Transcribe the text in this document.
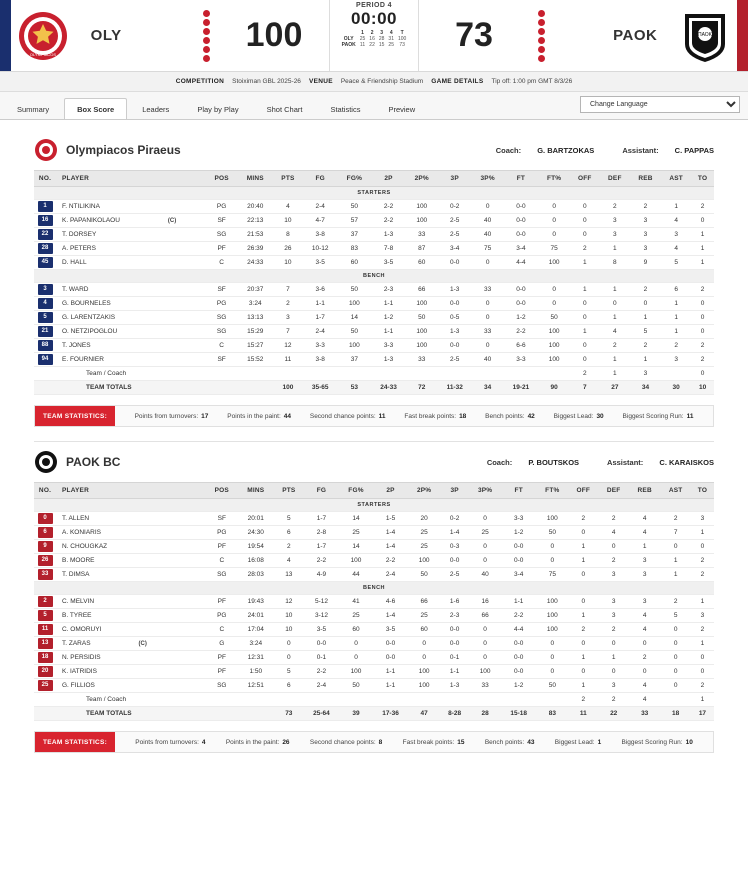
OLYMPIACOS
OLY	100
PERIOD 4
00:00
	1	2	3	4	T
OLY	25	16	28	31	100
PAOK	11	22	15	25	73	73	PAOK	ΠΑΟΚ
COMPETITION Stoiximan GBL 2025-26 VENUE Peace & Friendship Stadium GAME DETAILS Tip off: 1:00 pm GMT 8/3/26
Summary	Box Score	Leaders	Play by Play	Shot Chart	Statistics	Preview
Change Language
Olympiacos Piraeus	Coach: G. BARTZOKAS	Assistant: C. PAPPAS
NO.	PLAYER	POS	MINS	PTS	FG	FG%	2P	2P%	3P	3P%	FT	FT%	OFF	DEF	REB	AST	TO
STARTERS																	
1	F. NTILIKINA	PG	20:40	4	2-4	50	2-2	100	0-2	0	0-0	0	0	2	2	1	2
16	K. PAPANIKOLAOU (C)	SF	22:13	10	4-7	57	2-2	100	2-5	40	0-0	0	0	3	3	4	0
22	T. DORSEY	SG	21:53	8	3-8	37	1-3	33	2-5	40	0-0	0	0	3	3	3	1
28	A. PETERS	PF	26:39	26	10-12	83	7-8	87	3-4	75	3-4	75	2	1	3	4	1
45	D. HALL	C	24:33	10	3-5	60	3-5	60	0-0	0	4-4	100	1	8	9	5	1
BENCH																	
3	T. WARD	SF	20:37	7	3-6	50	2-3	66	1-3	33	0-0	0	1	1	2	6	2
4	G. BOURNELES	PG	3:24	2	1-1	100	1-1	100	0-0	0	0-0	0	0	0	0	1	0
5	G. LARENTZAKIS	SG	13:13	3	1-7	14	1-2	50	0-5	0	1-2	50	0	1	1	1	0
21	O. NETZIPOGLOU	SG	15:29	7	2-4	50	1-1	100	1-3	33	2-2	100	1	4	5	1	0
88	T. JONES	C	15:27	12	3-3	100	3-3	100	0-0	0	6-6	100	0	2	2	2	2
94	E. FOURNIER	SF	15:52	11	3-8	37	1-3	33	2-5	40	3-3	100	0	1	1	3	2
	Team / Coach												2	1	3		0
	TEAM TOTALS			100	35-65	53	24-33	72	11-32	34	19-21	90	7	27	34	30	10
TEAM STATISTICS:	Points from turnovers: 17	Points in the paint: 44	Second chance points: 11	Fast break points: 18	Bench points: 42	Biggest Lead: 30	Biggest Scoring Run: 11
PAOK BC	Coach: P. BOUTSKOS	Assistant: C. KARAISKOS
NO.	PLAYER	POS	MINS	PTS	FG	FG%	2P	2P%	3P	3P%	FT	FT%	OFF	DEF	REB	AST	TO
STARTERS																	
0	T. ALLEN	SF	20:01	5	1-7	14	1-5	20	0-2	0	3-3	100	2	2	4	2	3
6	A. KONIARIS	PG	24:30	6	2-8	25	1-4	25	1-4	25	1-2	50	0	4	4	7	1
9	N. CHOUGKAZ	PF	19:54	2	1-7	14	1-4	25	0-3	0	0-0	0	1	0	1	0	0
26	B. MOORE	C	16:08	4	2-2	100	2-2	100	0-0	0	0-0	0	1	2	3	1	2
33	T. DIMSA	SG	28:03	13	4-9	44	2-4	50	2-5	40	3-4	75	0	3	3	1	2
BENCH																	
2	C. MELVIN	PF	19:43	12	5-12	41	4-6	66	1-6	16	1-1	100	0	3	3	2	1
5	B. TYREE	PG	24:01	10	3-12	25	1-4	25	2-3	66	2-2	100	1	3	4	5	3
11	C. OMORUYI	C	17:04	10	3-5	60	3-5	60	0-0	0	4-4	100	2	2	4	0	2
13	T. ZARAS (C)	G	3:24	0	0-0	0	0-0	0	0-0	0	0-0	0	0	0	0	0	1
18	N. PERSIDIS	PF	12:31	0	0-1	0	0-0	0	0-1	0	0-0	0	1	1	2	0	0
20	K. IATRIDIS	PF	1:50	5	2-2	100	1-1	100	1-1	100	0-0	0	0	0	0	0	0
25	G. FILLIOS	SG	12:51	6	2-4	50	1-1	100	1-3	33	1-2	50	1	3	4	0	2
	Team / Coach												2	2	4		1
	TEAM TOTALS			73	25-64	39	17-36	47	8-28	28	15-18	83	11	22	33	18	17
TEAM STATISTICS:	Points from turnovers: 4	Points in the paint: 26	Second chance points: 8	Fast break points: 15	Bench points: 43	Biggest Lead: 1	Biggest Scoring Run: 10
